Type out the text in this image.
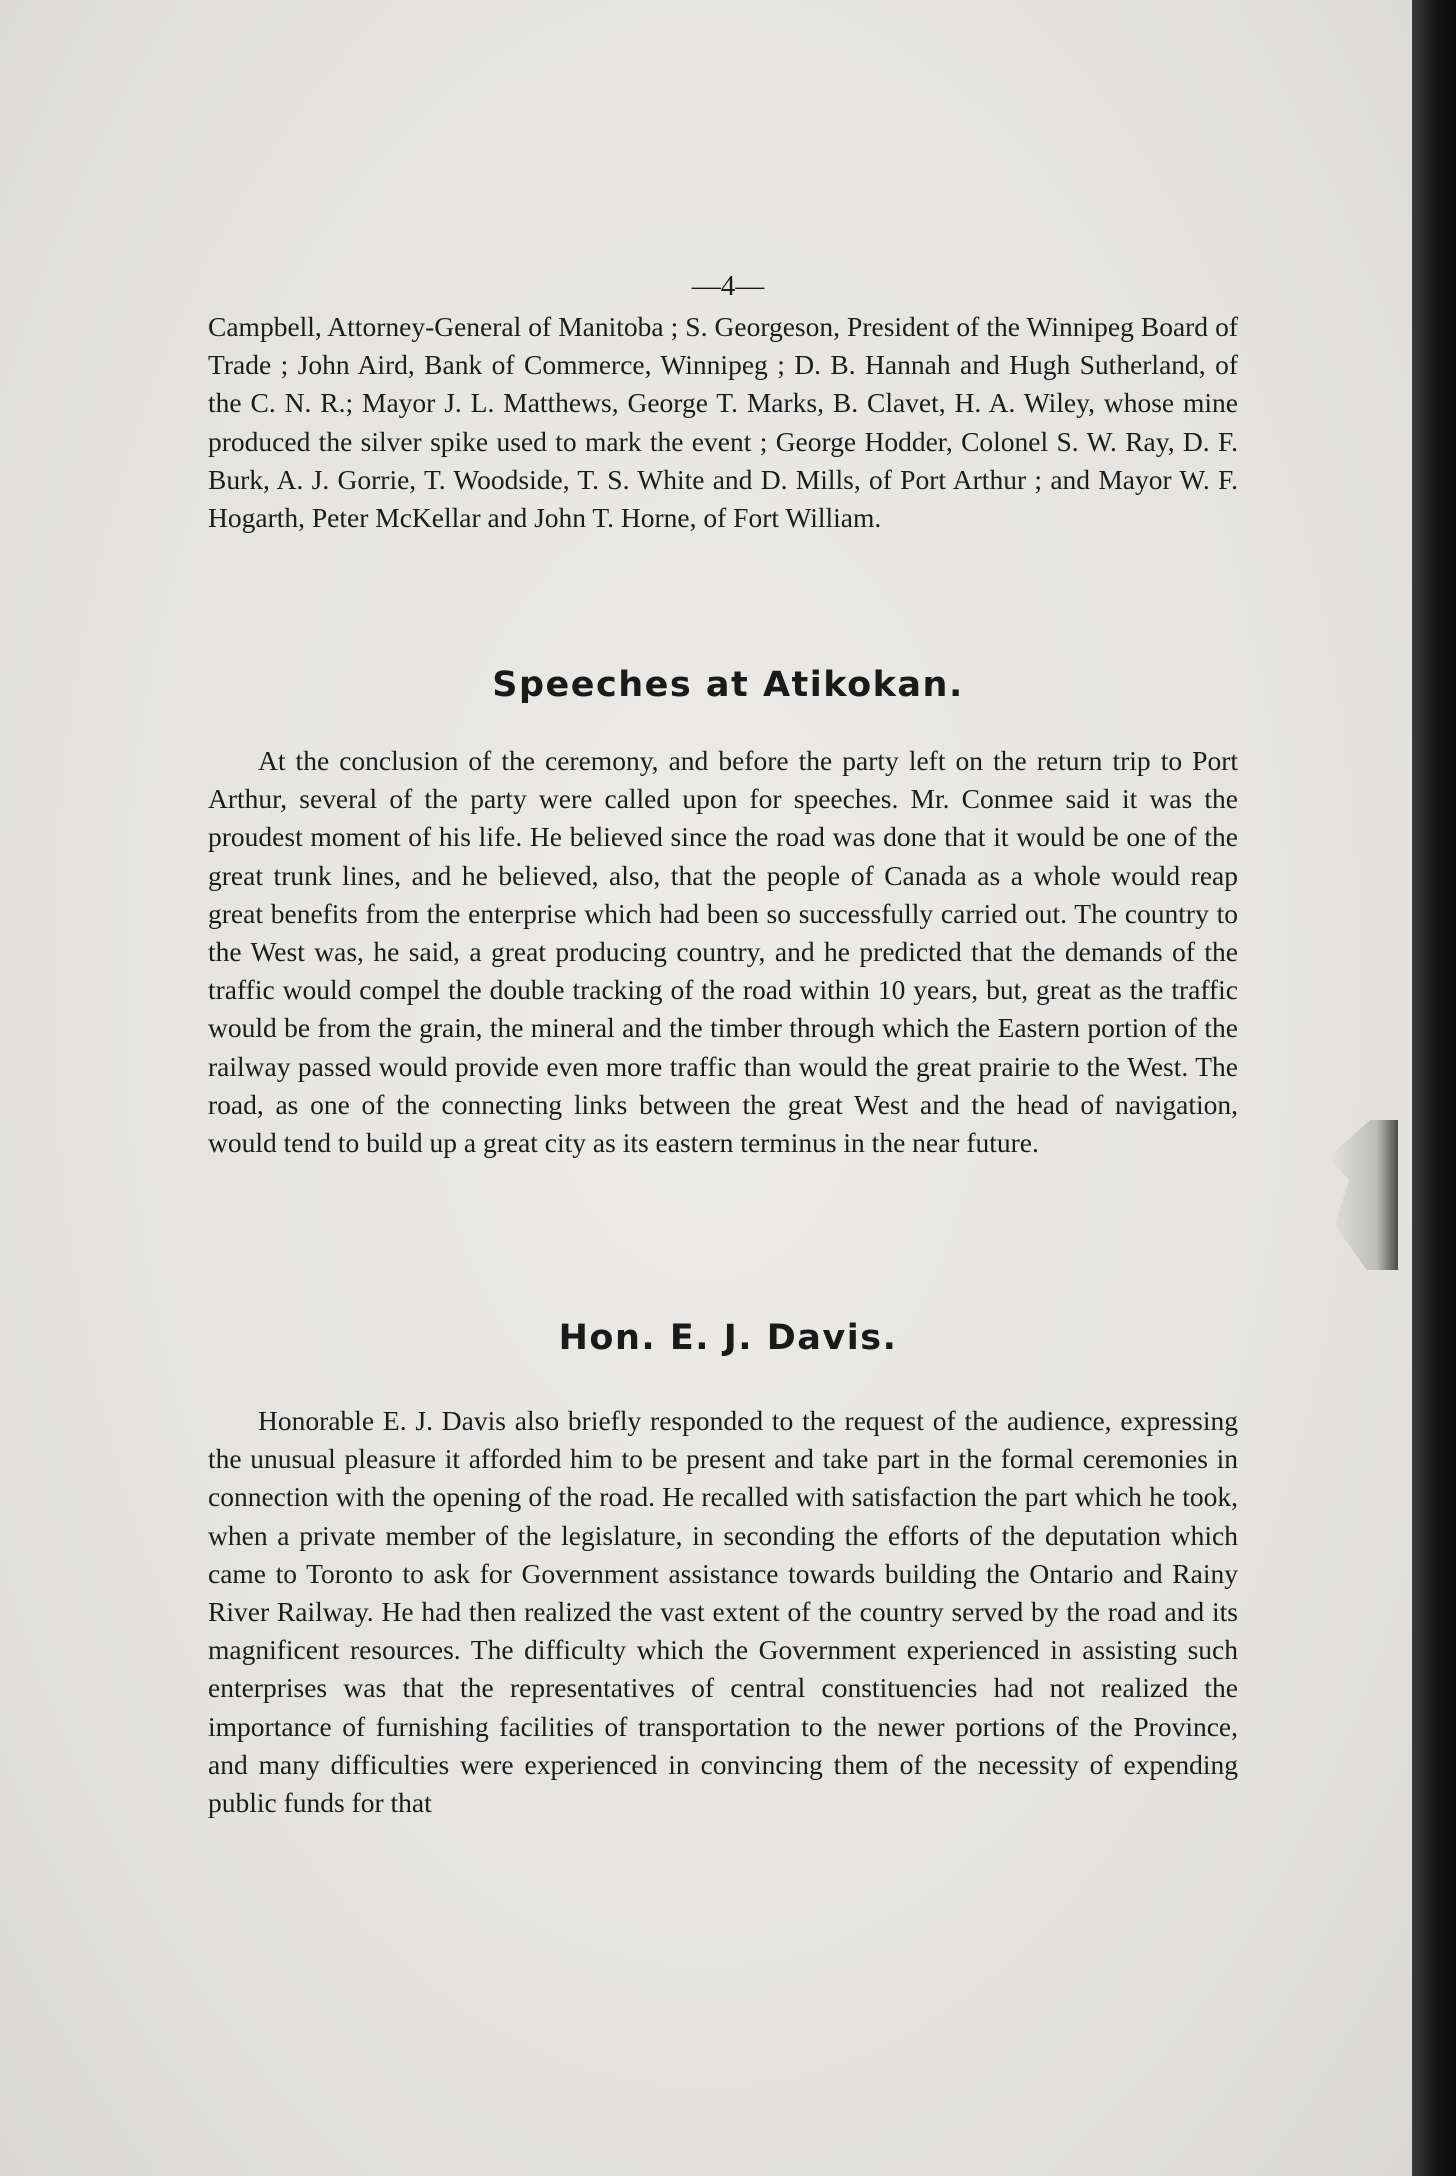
—4—

Campbell, Attorney-General of Manitoba ; S. Georgeson, President of the Winnipeg Board of Trade ; John Aird, Bank of Commerce, Winnipeg ; D. B. Hannah and Hugh Sutherland, of the C. N. R.; Mayor J. L. Matthews, George T. Marks, B. Clavet, H. A. Wiley, whose mine produced the silver spike used to mark the event ; George Hodder, Colonel S. W. Ray, D. F. Burk, A. J. Gorrie, T. Woodside, T. S. White and D. Mills, of Port Arthur ; and Mayor W. F. Hogarth, Peter McKellar and John T. Horne, of Fort William.

Speeches at Atikokan.

At the conclusion of the ceremony, and before the party left on the return trip to Port Arthur, several of the party were called upon for speeches. Mr. Conmee said it was the proudest moment of his life. He believed since the road was done that it would be one of the great trunk lines, and he believed, also, that the people of Canada as a whole would reap great benefits from the enterprise which had been so successfully carried out. The country to the West was, he said, a great producing country, and he predicted that the demands of the traffic would compel the double tracking of the road within 10 years, but, great as the traffic would be from the grain, the mineral and the timber through which the Eastern portion of the railway passed would provide even more traffic than would the great prairie to the West. The road, as one of the connecting links between the great West and the head of navigation, would tend to build up a great city as its eastern terminus in the near future.

Hon. E. J. Davis.

Honorable E. J. Davis also briefly responded to the request of the audience, expressing the unusual pleasure it afforded him to be present and take part in the formal ceremonies in connection with the opening of the road. He recalled with satisfaction the part which he took, when a private member of the legislature, in seconding the efforts of the deputation which came to Toronto to ask for Government assistance towards building the Ontario and Rainy River Railway. He had then realized the vast extent of the country served by the road and its magnificent resources. The difficulty which the Government experienced in assisting such enterprises was that the representatives of central constituencies had not realized the importance of furnishing facilities of transportation to the newer portions of the Province, and many difficulties were experienced in convincing them of the necessity of expending public funds for that
